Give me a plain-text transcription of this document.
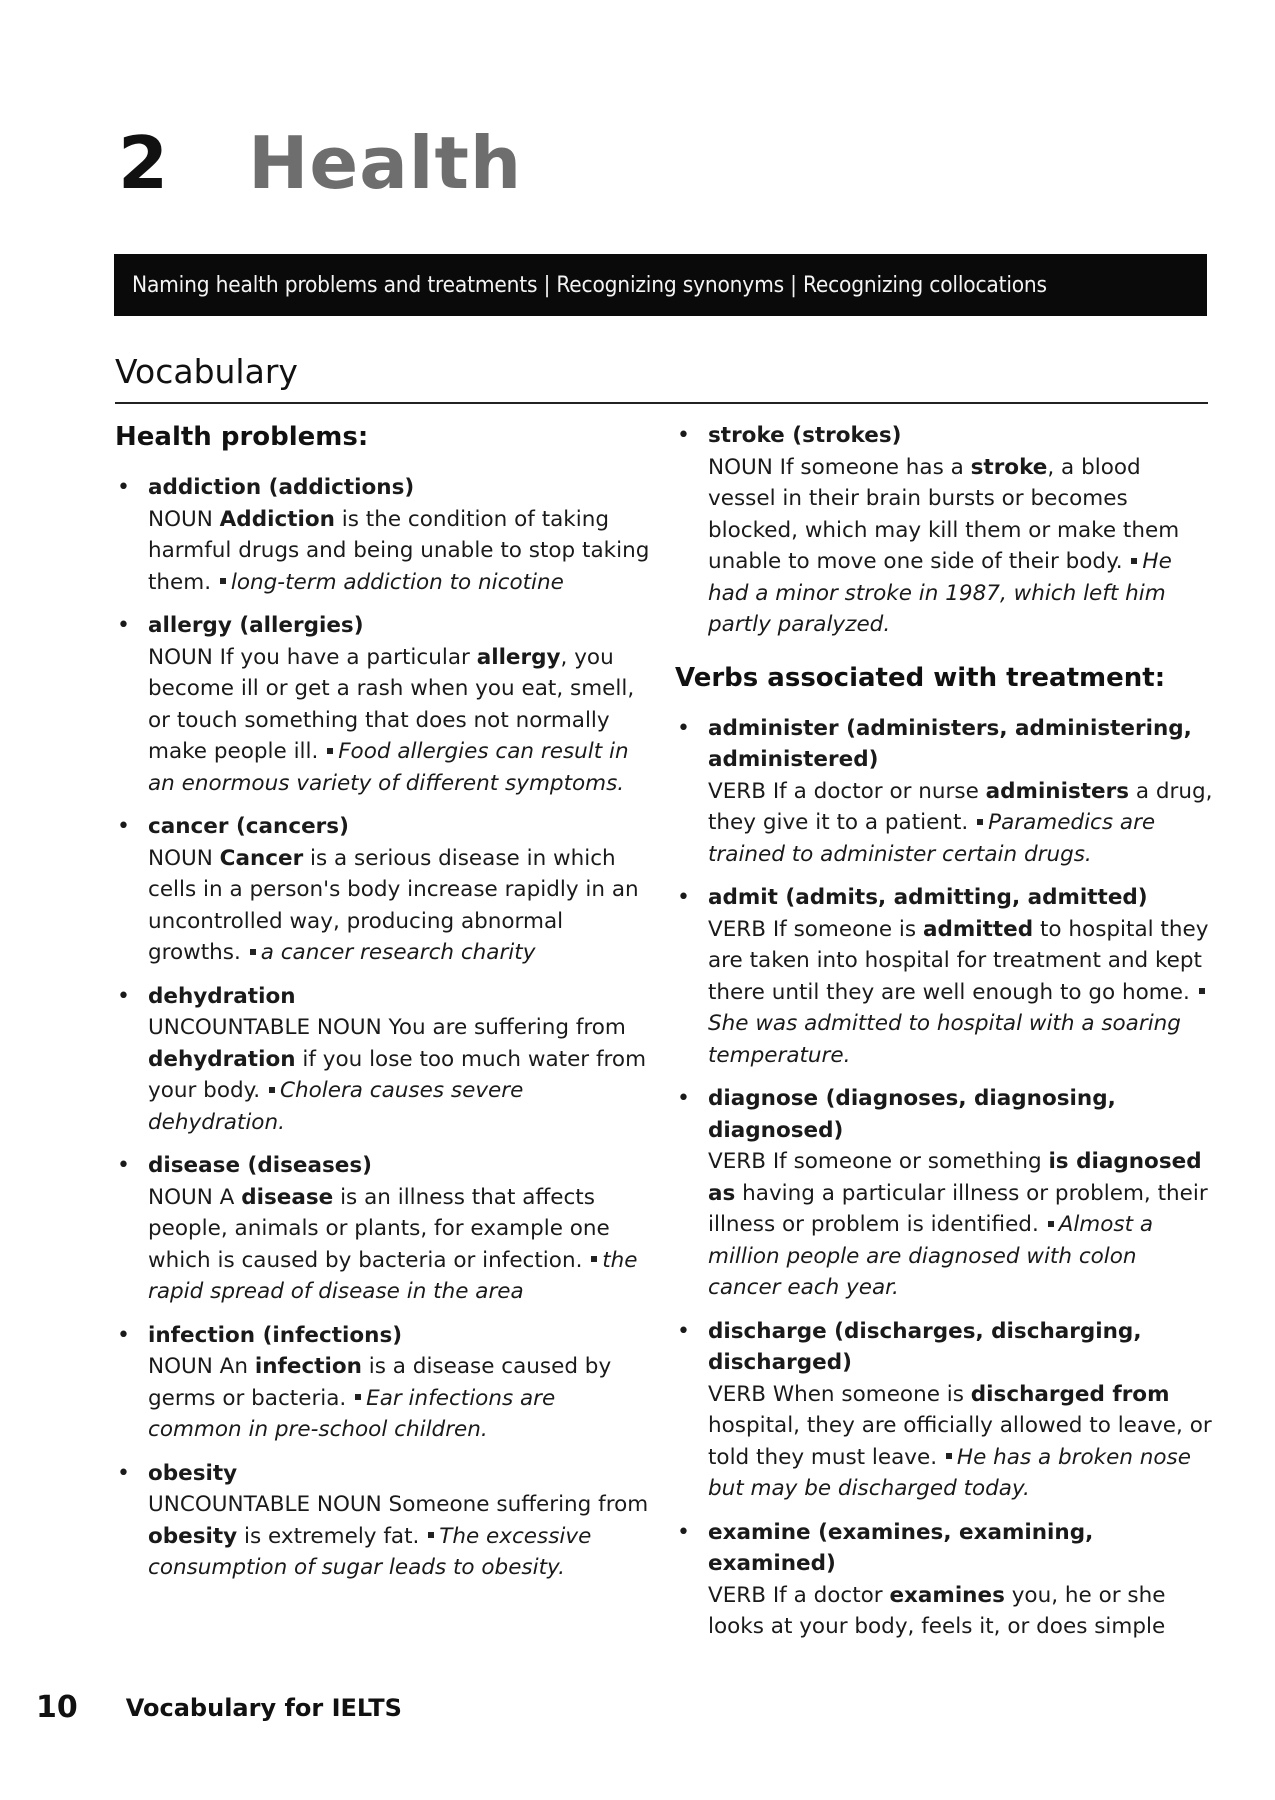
2 Health
Naming health problems and treatments | Recognizing synonyms | Recognizing collocations
Vocabulary
Health problems:
• addiction (addictions)
NOUN Addiction is the condition of taking harmful drugs and being unable to stop taking them. long-term addiction to nicotine
• allergy (allergies)
NOUN If you have a particular allergy, you become ill or get a rash when you eat, smell, or touch something that does not normally make people ill. Food allergies can result in an enormous variety of different symptoms.
• cancer (cancers)
NOUN Cancer is a serious disease in which cells in a person's body increase rapidly in an uncontrolled way, producing abnormal growths. a cancer research charity
• dehydration
UNCOUNTABLE NOUN You are suffering from dehydration if you lose too much water from your body. Cholera causes severe dehydration.
• disease (diseases)
NOUN A disease is an illness that affects people, animals or plants, for example one which is caused by bacteria or infection. the rapid spread of disease in the area
• infection (infections)
NOUN An infection is a disease caused by germs or bacteria. Ear infections are common in pre-school children.
• obesity
UNCOUNTABLE NOUN Someone suffering from obesity is extremely fat. The excessive consumption of sugar leads to obesity.
• stroke (strokes)
NOUN If someone has a stroke, a blood vessel in their brain bursts or becomes blocked, which may kill them or make them unable to move one side of their body. He had a minor stroke in 1987, which left him partly paralyzed.
Verbs associated with treatment:
• administer (administers, administering, administered)
VERB If a doctor or nurse administers a drug, they give it to a patient. Paramedics are trained to administer certain drugs.
• admit (admits, admitting, admitted)
VERB If someone is admitted to hospital they are taken into hospital for treatment and kept there until they are well enough to go home. She was admitted to hospital with a soaring temperature.
• diagnose (diagnoses, diagnosing, diagnosed)
VERB If someone or something is diagnosed as having a particular illness or problem, their illness or problem is identified. Almost a million people are diagnosed with colon cancer each year.
• discharge (discharges, discharging, discharged)
VERB When someone is discharged from hospital, they are officially allowed to leave, or told they must leave. He has a broken nose but may be discharged today.
• examine (examines, examining, examined)
VERB If a doctor examines you, he or she looks at your body, feels it, or does simple
10 Vocabulary for IELTS
